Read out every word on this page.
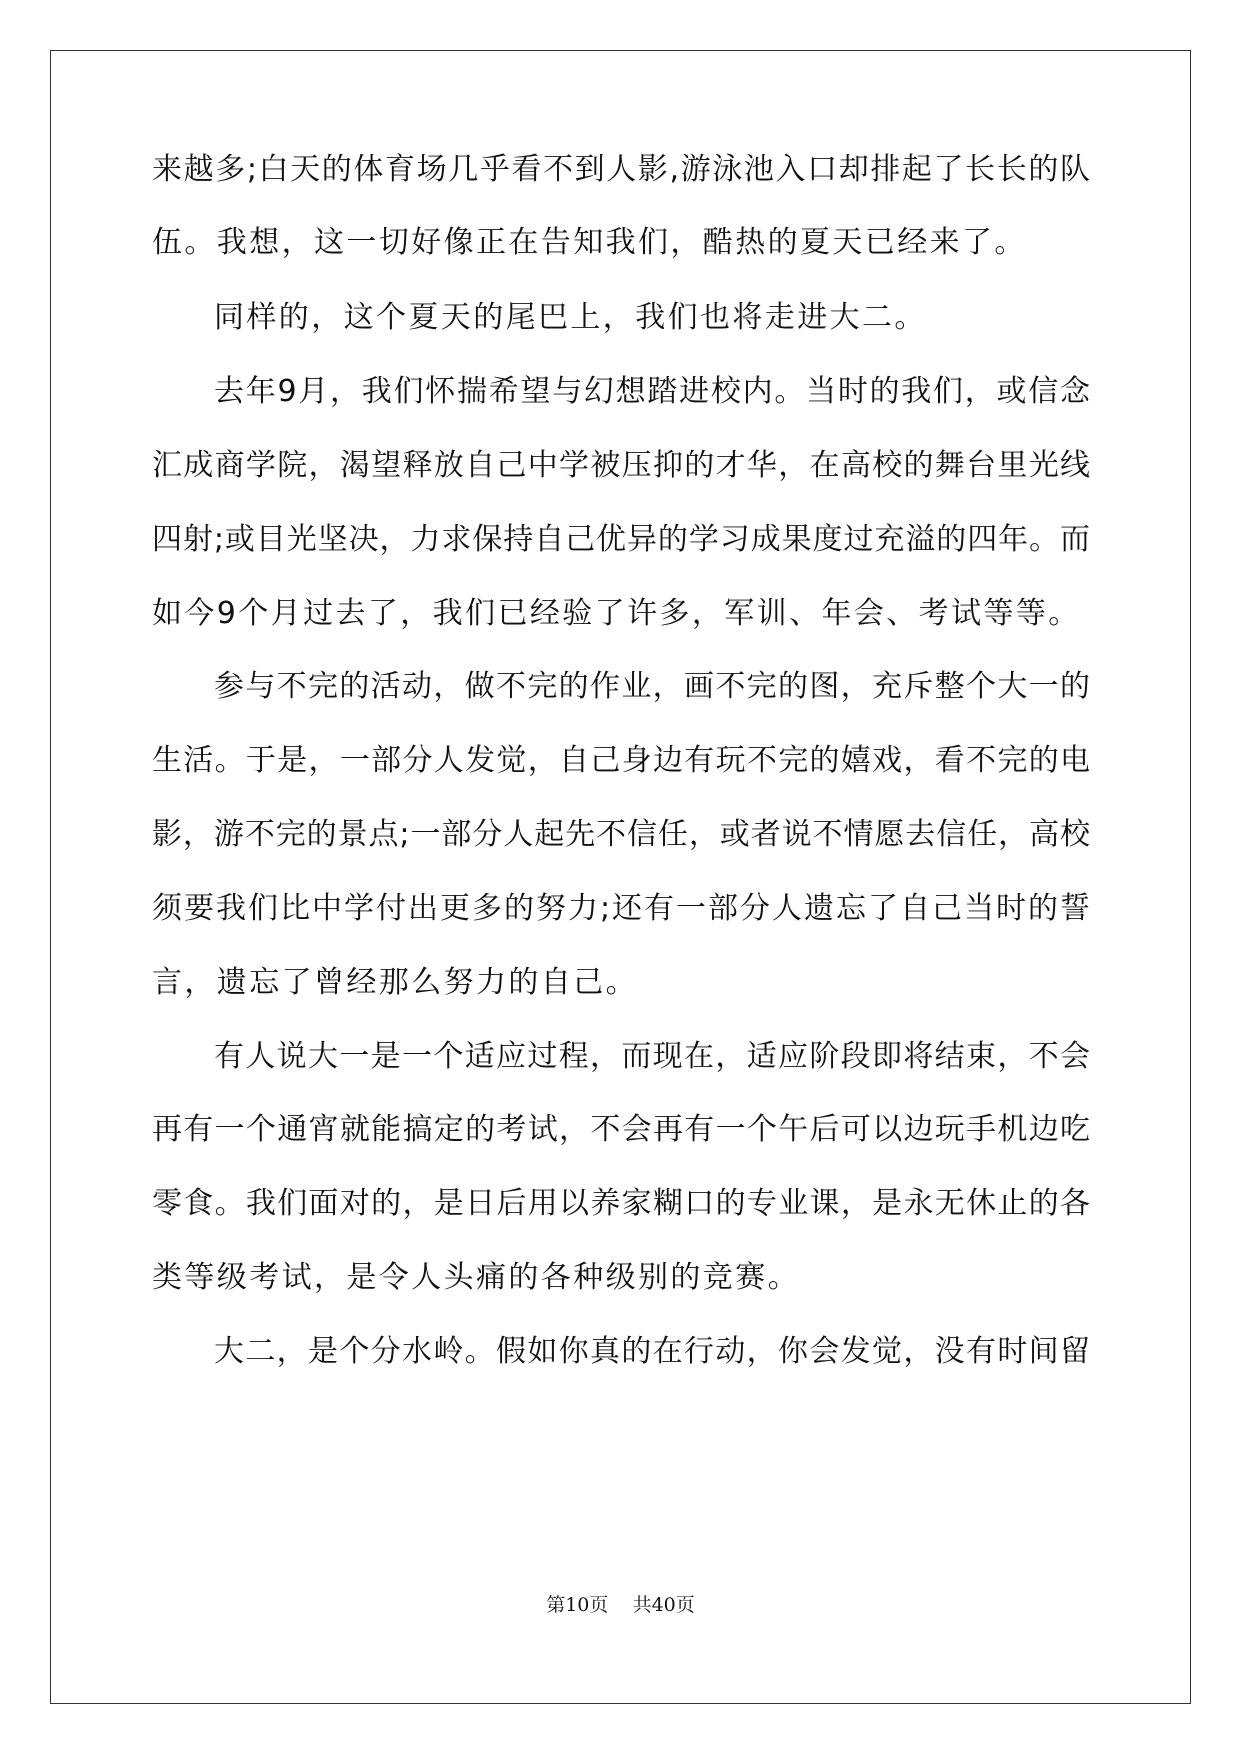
来越多;白天的体育场几乎看不到人影,游泳池入口却排起了长长的队
伍。我想，这一切好像正在告知我们，酷热的夏天已经来了。
同样的，这个夏天的尾巴上，我们也将走进大二。
去年9月，我们怀揣希望与幻想踏进校内。当时的我们，或信念
汇成商学院，渴望释放自己中学被压抑的才华，在高校的舞台里光线
四射;或目光坚决，力求保持自己优异的学习成果度过充溢的四年。而
如今9个月过去了，我们已经验了许多，军训、年会、考试等等。
参与不完的活动，做不完的作业，画不完的图，充斥整个大一的
生活。于是，一部分人发觉，自己身边有玩不完的嬉戏，看不完的电
影，游不完的景点;一部分人起先不信任，或者说不情愿去信任，高校
须要我们比中学付出更多的努力;还有一部分人遗忘了自己当时的誓
言，遗忘了曾经那么努力的自己。
有人说大一是一个适应过程，而现在，适应阶段即将结束，不会
再有一个通宵就能搞定的考试，不会再有一个午后可以边玩手机边吃
零食。我们面对的，是日后用以养家糊口的专业课，是永无休止的各
类等级考试，是令人头痛的各种级别的竞赛。
大二，是个分水岭。假如你真的在行动，你会发觉，没有时间留
第10页 共40页
